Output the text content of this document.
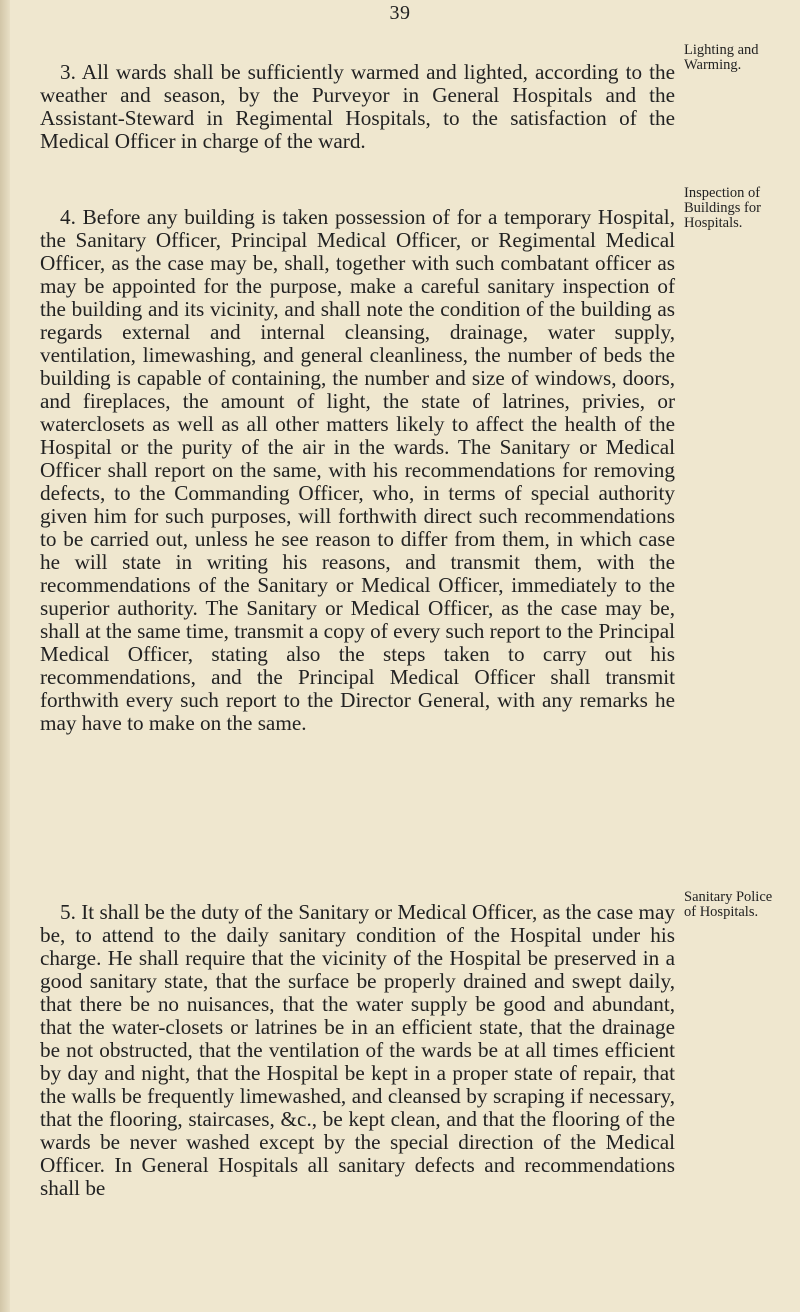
39

3. All wards shall be sufficiently warmed and lighted, according to the weather and season, by the Purveyor in General Hospitals and the Assistant-Steward in Regimental Hospitals, to the satisfaction of the Medical Officer in charge of the ward.

Lighting and
Warming.

4. Before any building is taken possession of for a temporary Hospital, the Sanitary Officer, Principal Medical Officer, or Regimental Medical Officer, as the case may be, shall, together with such combatant officer as may be appointed for the purpose, make a careful sanitary inspection of the building and its vicinity, and shall note the condition of the building as regards external and internal cleansing, drainage, water supply, ventilation, limewashing, and general cleanliness, the number of beds the building is capable of containing, the number and size of windows, doors, and fireplaces, the amount of light, the state of latrines, privies, or waterclosets as well as all other matters likely to affect the health of the Hospital or the purity of the air in the wards. The Sanitary or Medical Officer shall report on the same, with his recommendations for removing defects, to the Commanding Officer, who, in terms of special authority given him for such purposes, will forthwith direct such recommendations to be carried out, unless he see reason to differ from them, in which case he will state in writing his reasons, and transmit them, with the recommendations of the Sanitary or Medical Officer, immediately to the superior authority. The Sanitary or Medical Officer, as the case may be, shall at the same time, transmit a copy of every such report to the Principal Medical Officer, stating also the steps taken to carry out his recommendations, and the Principal Medical Officer shall transmit forthwith every such report to the Director General, with any remarks he may have to make on the same.

Inspection of
Buildings for
Hospitals.

5. It shall be the duty of the Sanitary or Medical Officer, as the case may be, to attend to the daily sanitary condition of the Hospital under his charge. He shall require that the vicinity of the Hospital be preserved in a good sanitary state, that the surface be properly drained and swept daily, that there be no nuisances, that the water supply be good and abundant, that the water-closets or latrines be in an efficient state, that the drainage be not obstructed, that the ventilation of the wards be at all times efficient by day and night, that the Hospital be kept in a proper state of repair, that the walls be frequently limewashed, and cleansed by scraping if necessary, that the flooring, staircases, &c., be kept clean, and that the flooring of the wards be never washed except by the special direction of the Medical Officer. In General Hospitals all sanitary defects and recommendations shall be

Sanitary Police
of Hospitals.
